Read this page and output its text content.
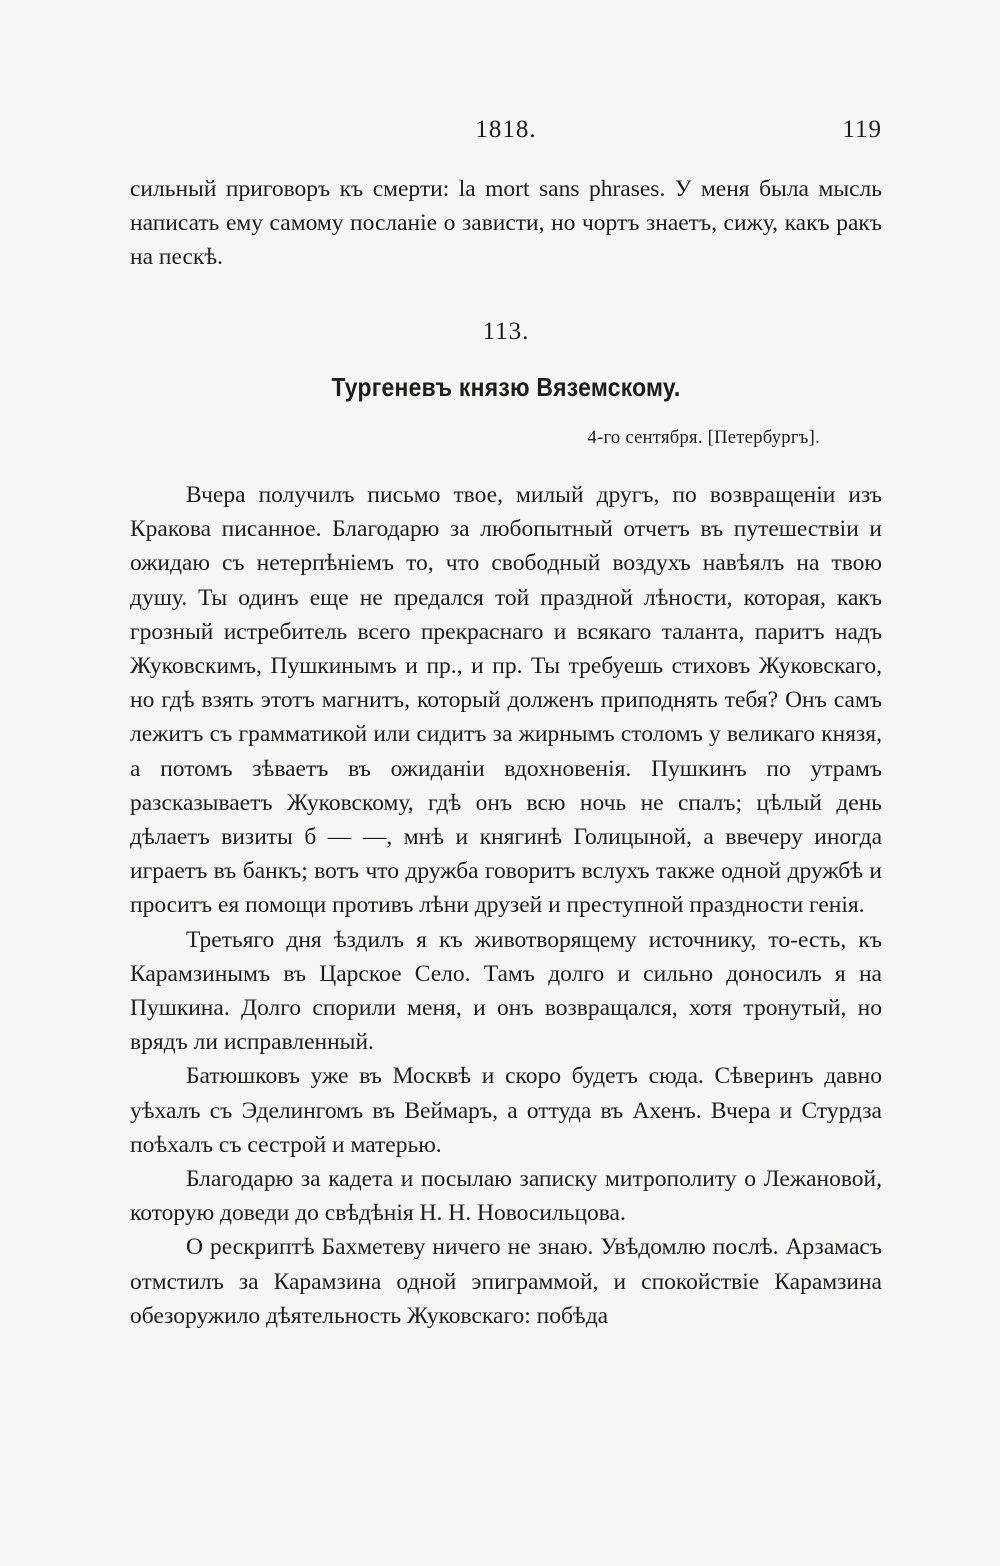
1818.	119

сильный приговоръ къ смерти: la mort sans phrases. У меня была мысль написать ему самому посланіе о зависти, но чортъ знаетъ, сижу, какъ ракъ на пескѣ.

113.
Тургеневъ князю Вяземскому.
4-го сентября. [Петербургъ].

Вчера получилъ письмо твое, милый другъ, по возвращеніи изъ Кракова писанное. Благодарю за любопытный отчетъ въ путешествіи и ожидаю съ нетерпѣніемъ то, что свободный воздухъ навѣялъ на твою душу. Ты одинъ еще не предался той праздной лѣности, которая, какъ грозный истребитель всего прекраснаго и всякаго таланта, паритъ надъ Жуковскимъ, Пушкинымъ и пр., и пр. Ты требуешь стиховъ Жуковскаго, но гдѣ взять этотъ магнитъ, который долженъ приподнять тебя? Онъ самъ лежитъ съ грамматикой или сидитъ за жирнымъ столомъ у великаго князя, а потомъ зѣваетъ въ ожиданіи вдохновенія. Пушкинъ по утрамъ разсказываетъ Жуковскому, гдѣ онъ всю ночь не спалъ; цѣлый день дѣлаетъ визиты б — —, мнѣ и княгинѣ Голицыной, а ввечеру иногда играетъ въ банкъ; вотъ что дружба говоритъ вслухъ также одной дружбѣ и проситъ ея помощи противъ лѣни друзей и преступной праздности генія.

Третьяго дня ѣздилъ я къ животворящему источнику, то-есть, къ Карамзинымъ въ Царское Село. Тамъ долго и сильно доносилъ я на Пушкина. Долго спорили меня, и онъ возвращался, хотя тронутый, но врядъ ли исправленный.

Батюшковъ уже въ Москвѣ и скоро будетъ сюда. Сѣверинъ давно уѣхалъ съ Эделингомъ въ Веймаръ, а оттуда въ Ахенъ. Вчера и Стурдза поѣхалъ съ сестрой и матерью.

Благодарю за кадета и посылаю записку митрополиту о Лежановой, которую доведи до свѣдѣнія Н. Н. Новосильцова.

О рескриптѣ Бахметеву ничего не знаю. Увѣдомлю послѣ. Арзамасъ отмстилъ за Карамзина одной эпиграммой, и спокойствіе Карамзина обезоружило дѣятельность Жуковскаго: побѣда
